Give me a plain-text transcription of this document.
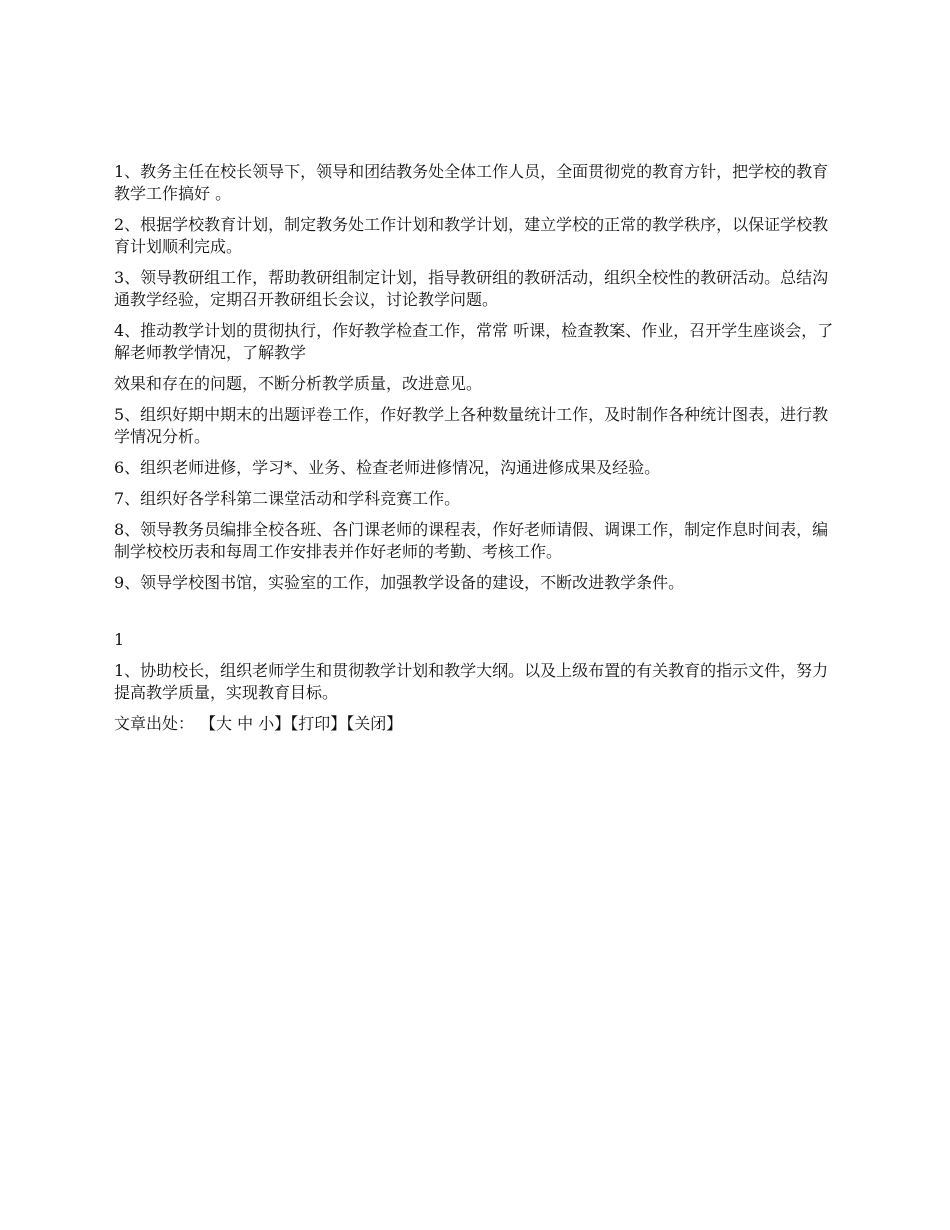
1、教务主任在校长领导下，领导和团结教务处全体工作人员，全面贯彻党的教育方针，把学校的教育教学工作搞好 。

2、根据学校教育计划，制定教务处工作计划和教学计划，建立学校的正常的教学秩序，以保证学校教育计划顺利完成。

3、领导教研组工作，帮助教研组制定计划，指导教研组的教研活动，组织全校性的教研活动。总结沟通教学经验，定期召开教研组长会议，讨论教学问题。

4、推动教学计划的贯彻执行，作好教学检查工作，常常 听课，检查教案、作业，召开学生座谈会，了解老师教学情况，了解教学

效果和存在的问题，不断分析教学质量，改进意见。

5、组织好期中期末的出题评卷工作，作好教学上各种数量统计工作，及时制作各种统计图表，进行教学情况分析。

6、组织老师进修，学习*、业务、检查老师进修情况，沟通进修成果及经验。

7、组织好各学科第二课堂活动和学科竞赛工作。

8、领导教务员编排全校各班、各门课老师的课程表，作好老师请假、调课工作，制定作息时间表，编制学校校历表和每周工作安排表并作好老师的考勤、考核工作。

9、领导学校图书馆，实验室的工作，加强教学设备的建设，不断改进教学条件。

1

1、协助校长，组织老师学生和贯彻教学计划和教学大纲。以及上级布置的有关教育的指示文件，努力提高教学质量，实现教育目标。

文章出处： 【大 中 小】【打印】【关闭】
